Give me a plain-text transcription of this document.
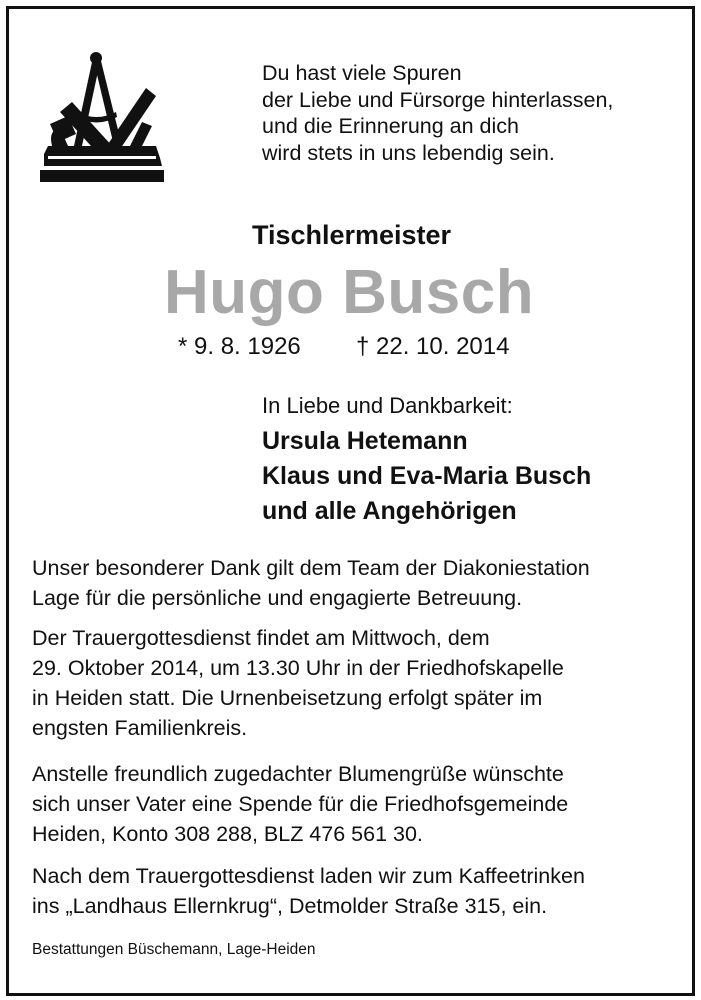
Du hast viele Spuren
der Liebe und Fürsorge hinterlassen,
und die Erinnerung an dich
wird stets in uns lebendig sein.
Tischlermeister
Hugo Busch
* 9. 8. 1926 † 22. 10. 2014
In Liebe und Dankbarkeit:
Ursula Hetemann
Klaus und Eva-Maria Busch
und alle Angehörigen
Unser besonderer Dank gilt dem Team der Diakoniestation
Lage für die persönliche und engagierte Betreuung.
Der Trauergottesdienst findet am Mittwoch, dem
29. Oktober 2014, um 13.30 Uhr in der Friedhofskapelle
in Heiden statt. Die Urnenbeisetzung erfolgt später im
engsten Familienkreis.
Anstelle freundlich zugedachter Blumengrüße wünschte
sich unser Vater eine Spende für die Friedhofsgemeinde
Heiden, Konto 308 288, BLZ 476 561 30.
Nach dem Trauergottesdienst laden wir zum Kaffeetrinken
ins „Landhaus Ellernkrug“, Detmolder Straße 315, ein.
Bestattungen Büschemann, Lage-Heiden
